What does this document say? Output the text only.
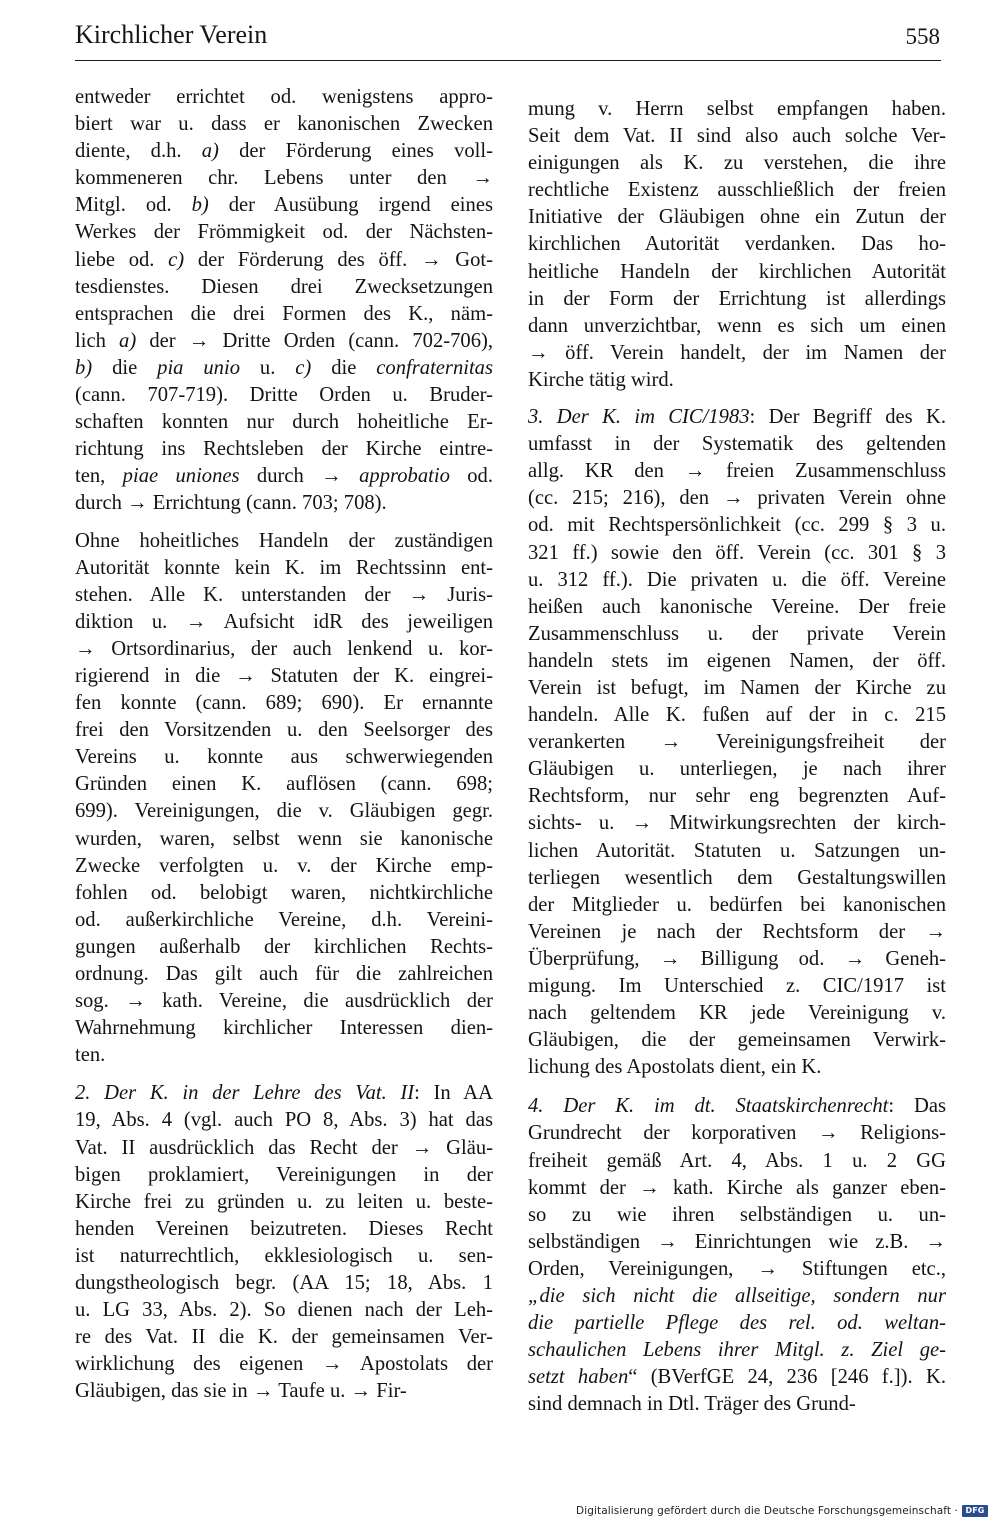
Kirchlicher Verein	558

entweder errichtet od. wenigstens appro-
biert war u. dass er kanonischen Zwecken
diente, d.h. a) der Förderung eines voll-
kommeneren chr. Lebens unter den →
Mitgl. od. b) der Ausübung irgend eines
Werkes der Frömmigkeit od. der Nächsten-
liebe od. c) der Förderung des öff. → Got-
tesdienstes. Diesen drei Zwecksetzungen
entsprachen die drei Formen des K., näm-
lich a) der → Dritte Orden (cann. 702-706),
b) die pia unio u. c) die confraternitas
(cann. 707-719). Dritte Orden u. Bruder-
schaften konnten nur durch hoheitliche Er-
richtung ins Rechtsleben der Kirche eintre-
ten, piae uniones durch → approbatio od.
durch → Errichtung (cann. 703; 708).

Ohne hoheitliches Handeln der zuständigen
Autorität konnte kein K. im Rechtssinn ent-
stehen. Alle K. unterstanden der → Juris-
diktion u. → Aufsicht idR des jeweiligen
→ Ortsordinarius, der auch lenkend u. kor-
rigierend in die → Statuten der K. eingrei-
fen konnte (cann. 689; 690). Er ernannte
frei den Vorsitzenden u. den Seelsorger des
Vereins u. konnte aus schwerwiegenden
Gründen einen K. auflösen (cann. 698;
699). Vereinigungen, die v. Gläubigen gegr.
wurden, waren, selbst wenn sie kanonische
Zwecke verfolgten u. v. der Kirche emp-
fohlen od. belobigt waren, nichtkirchliche
od. außerkirchliche Vereine, d.h. Vereini-
gungen außerhalb der kirchlichen Rechts-
ordnung. Das gilt auch für die zahlreichen
sog. → kath. Vereine, die ausdrücklich der
Wahrnehmung kirchlicher Interessen dien-
ten.

2. Der K. in der Lehre des Vat. II: In AA
19, Abs. 4 (vgl. auch PO 8, Abs. 3) hat das
Vat. II ausdrücklich das Recht der → Gläu-
bigen proklamiert, Vereinigungen in der
Kirche frei zu gründen u. zu leiten u. beste-
henden Vereinen beizutreten. Dieses Recht
ist naturrechtlich, ekklesiologisch u. sen-
dungstheologisch begr. (AA 15; 18, Abs. 1
u. LG 33, Abs. 2). So dienen nach der Leh-
re des Vat. II die K. der gemeinsamen Ver-
wirklichung des eigenen → Apostolats der
Gläubigen, das sie in → Taufe u. → Fir-

mung v. Herrn selbst empfangen haben.
Seit dem Vat. II sind also auch solche Ver-
einigungen als K. zu verstehen, die ihre
rechtliche Existenz ausschließlich der freien
Initiative der Gläubigen ohne ein Zutun der
kirchlichen Autorität verdanken. Das ho-
heitliche Handeln der kirchlichen Autorität
in der Form der Errichtung ist allerdings
dann unverzichtbar, wenn es sich um einen
→ öff. Verein handelt, der im Namen der
Kirche tätig wird.

3. Der K. im CIC/1983: Der Begriff des K.
umfasst in der Systematik des geltenden
allg. KR den → freien Zusammenschluss
(cc. 215; 216), den → privaten Verein ohne
od. mit Rechtspersönlichkeit (cc. 299 § 3 u.
321 ff.) sowie den öff. Verein (cc. 301 § 3
u. 312 ff.). Die privaten u. die öff. Vereine
heißen auch kanonische Vereine. Der freie
Zusammenschluss u. der private Verein
handeln stets im eigenen Namen, der öff.
Verein ist befugt, im Namen der Kirche zu
handeln. Alle K. fußen auf der in c. 215
verankerten → Vereinigungsfreiheit der
Gläubigen u. unterliegen, je nach ihrer
Rechtsform, nur sehr eng begrenzten Auf-
sichts- u. → Mitwirkungsrechten der kirch-
lichen Autorität. Statuten u. Satzungen un-
terliegen wesentlich dem Gestaltungswillen
der Mitglieder u. bedürfen bei kanonischen
Vereinen je nach der Rechtsform der →
Überprüfung, → Billigung od. → Geneh-
migung. Im Unterschied z. CIC/1917 ist
nach geltendem KR jede Vereinigung v.
Gläubigen, die der gemeinsamen Verwirk-
lichung des Apostolats dient, ein K.

4. Der K. im dt. Staatskirchenrecht: Das
Grundrecht der korporativen → Religions-
freiheit gemäß Art. 4, Abs. 1 u. 2 GG
kommt der → kath. Kirche als ganzer eben-
so zu wie ihren selbständigen u. un-
selbständigen → Einrichtungen wie z.B. →
Orden, Vereinigungen, → Stiftungen etc.,
„die sich nicht die allseitige, sondern nur
die partielle Pflege des rel. od. weltan-
schaulichen Lebens ihrer Mitgl. z. Ziel ge-
setzt haben“ (BVerfGE 24, 236 [246 f.]). K.
sind demnach in Dtl. Träger des Grund-

Digitalisierung gefördert durch die Deutsche Forschungsgemeinschaft · DFG
